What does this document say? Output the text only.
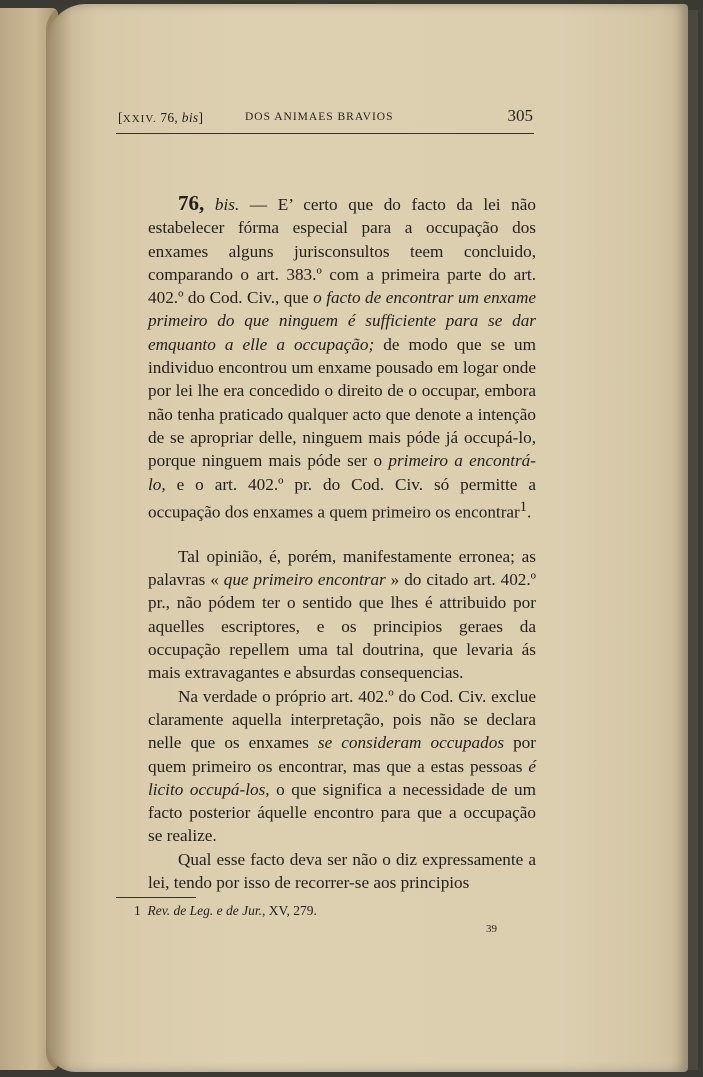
[XXIV. 76, bis]	DOS ANIMAES BRAVIOS	305

76, bis. — E’ certo que do facto da lei não estabelecer fórma especial para a occupação dos enxames alguns jurisconsultos teem concluido, comparando o art. 383.º com a primeira parte do art. 402.º do Cod. Civ., que o facto de encontrar um enxame primeiro do que ninguem é sufficiente para se dar emquanto a elle a occupação; de modo que se um individuo encontrou um enxame pousado em logar onde por lei lhe era concedido o direito de o occupar, embora não tenha praticado qualquer acto que denote a intenção de se apropriar delle, ninguem mais póde já occupá-lo, porque ninguem mais póde ser o primeiro a encontrá-lo, e o art. 402.º pr. do Cod. Civ. só permitte a occupação dos enxames a quem primeiro os encontrar$^1$.

Tal opinião, é, porém, manifestamente erronea; as palavras « que primeiro encontrar » do citado art. 402.º pr., não pódem ter o sentido que lhes é attribuido por aquelles escriptores, e os principios geraes da occupação repellem uma tal doutrina, que levaria ás mais extravagantes e absurdas consequencias.

Na verdade o próprio art. 402.º do Cod. Civ. exclue claramente aquella interpretação, pois não se declara nelle que os enxames se consideram occupados por quem primeiro os encontrar, mas que a estas pessoas é licito occupá-los, o que significa a necessidade de um facto posterior áquelle encontro para que a occupação se realize.

Qual esse facto deva ser não o diz expressamente a lei, tendo por isso de recorrer-se aos principios

1 Rev. de Leg. e de Jur., XV, 279.
39
